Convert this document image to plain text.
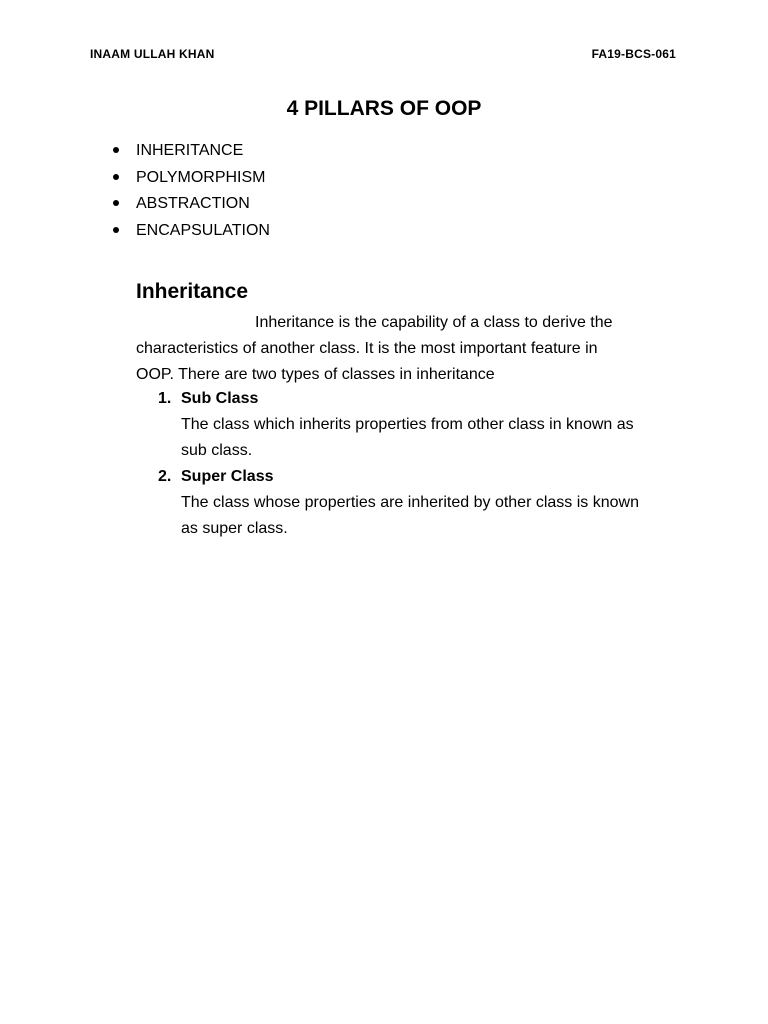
INAAM ULLAH KHAN	FA19-BCS-061
4 PILLARS OF OOP
INHERITANCE
POLYMORPHISM
ABSTRACTION
ENCAPSULATION
Inheritance
Inheritance is the capability of a class to derive the
characteristics of another class. It is the most important feature in
OOP. There are two types of classes in inheritance
1. Sub Class
The class which inherits properties from other class in known as
sub class.
2. Super Class
The class whose properties are inherited by other class is known
as super class.
